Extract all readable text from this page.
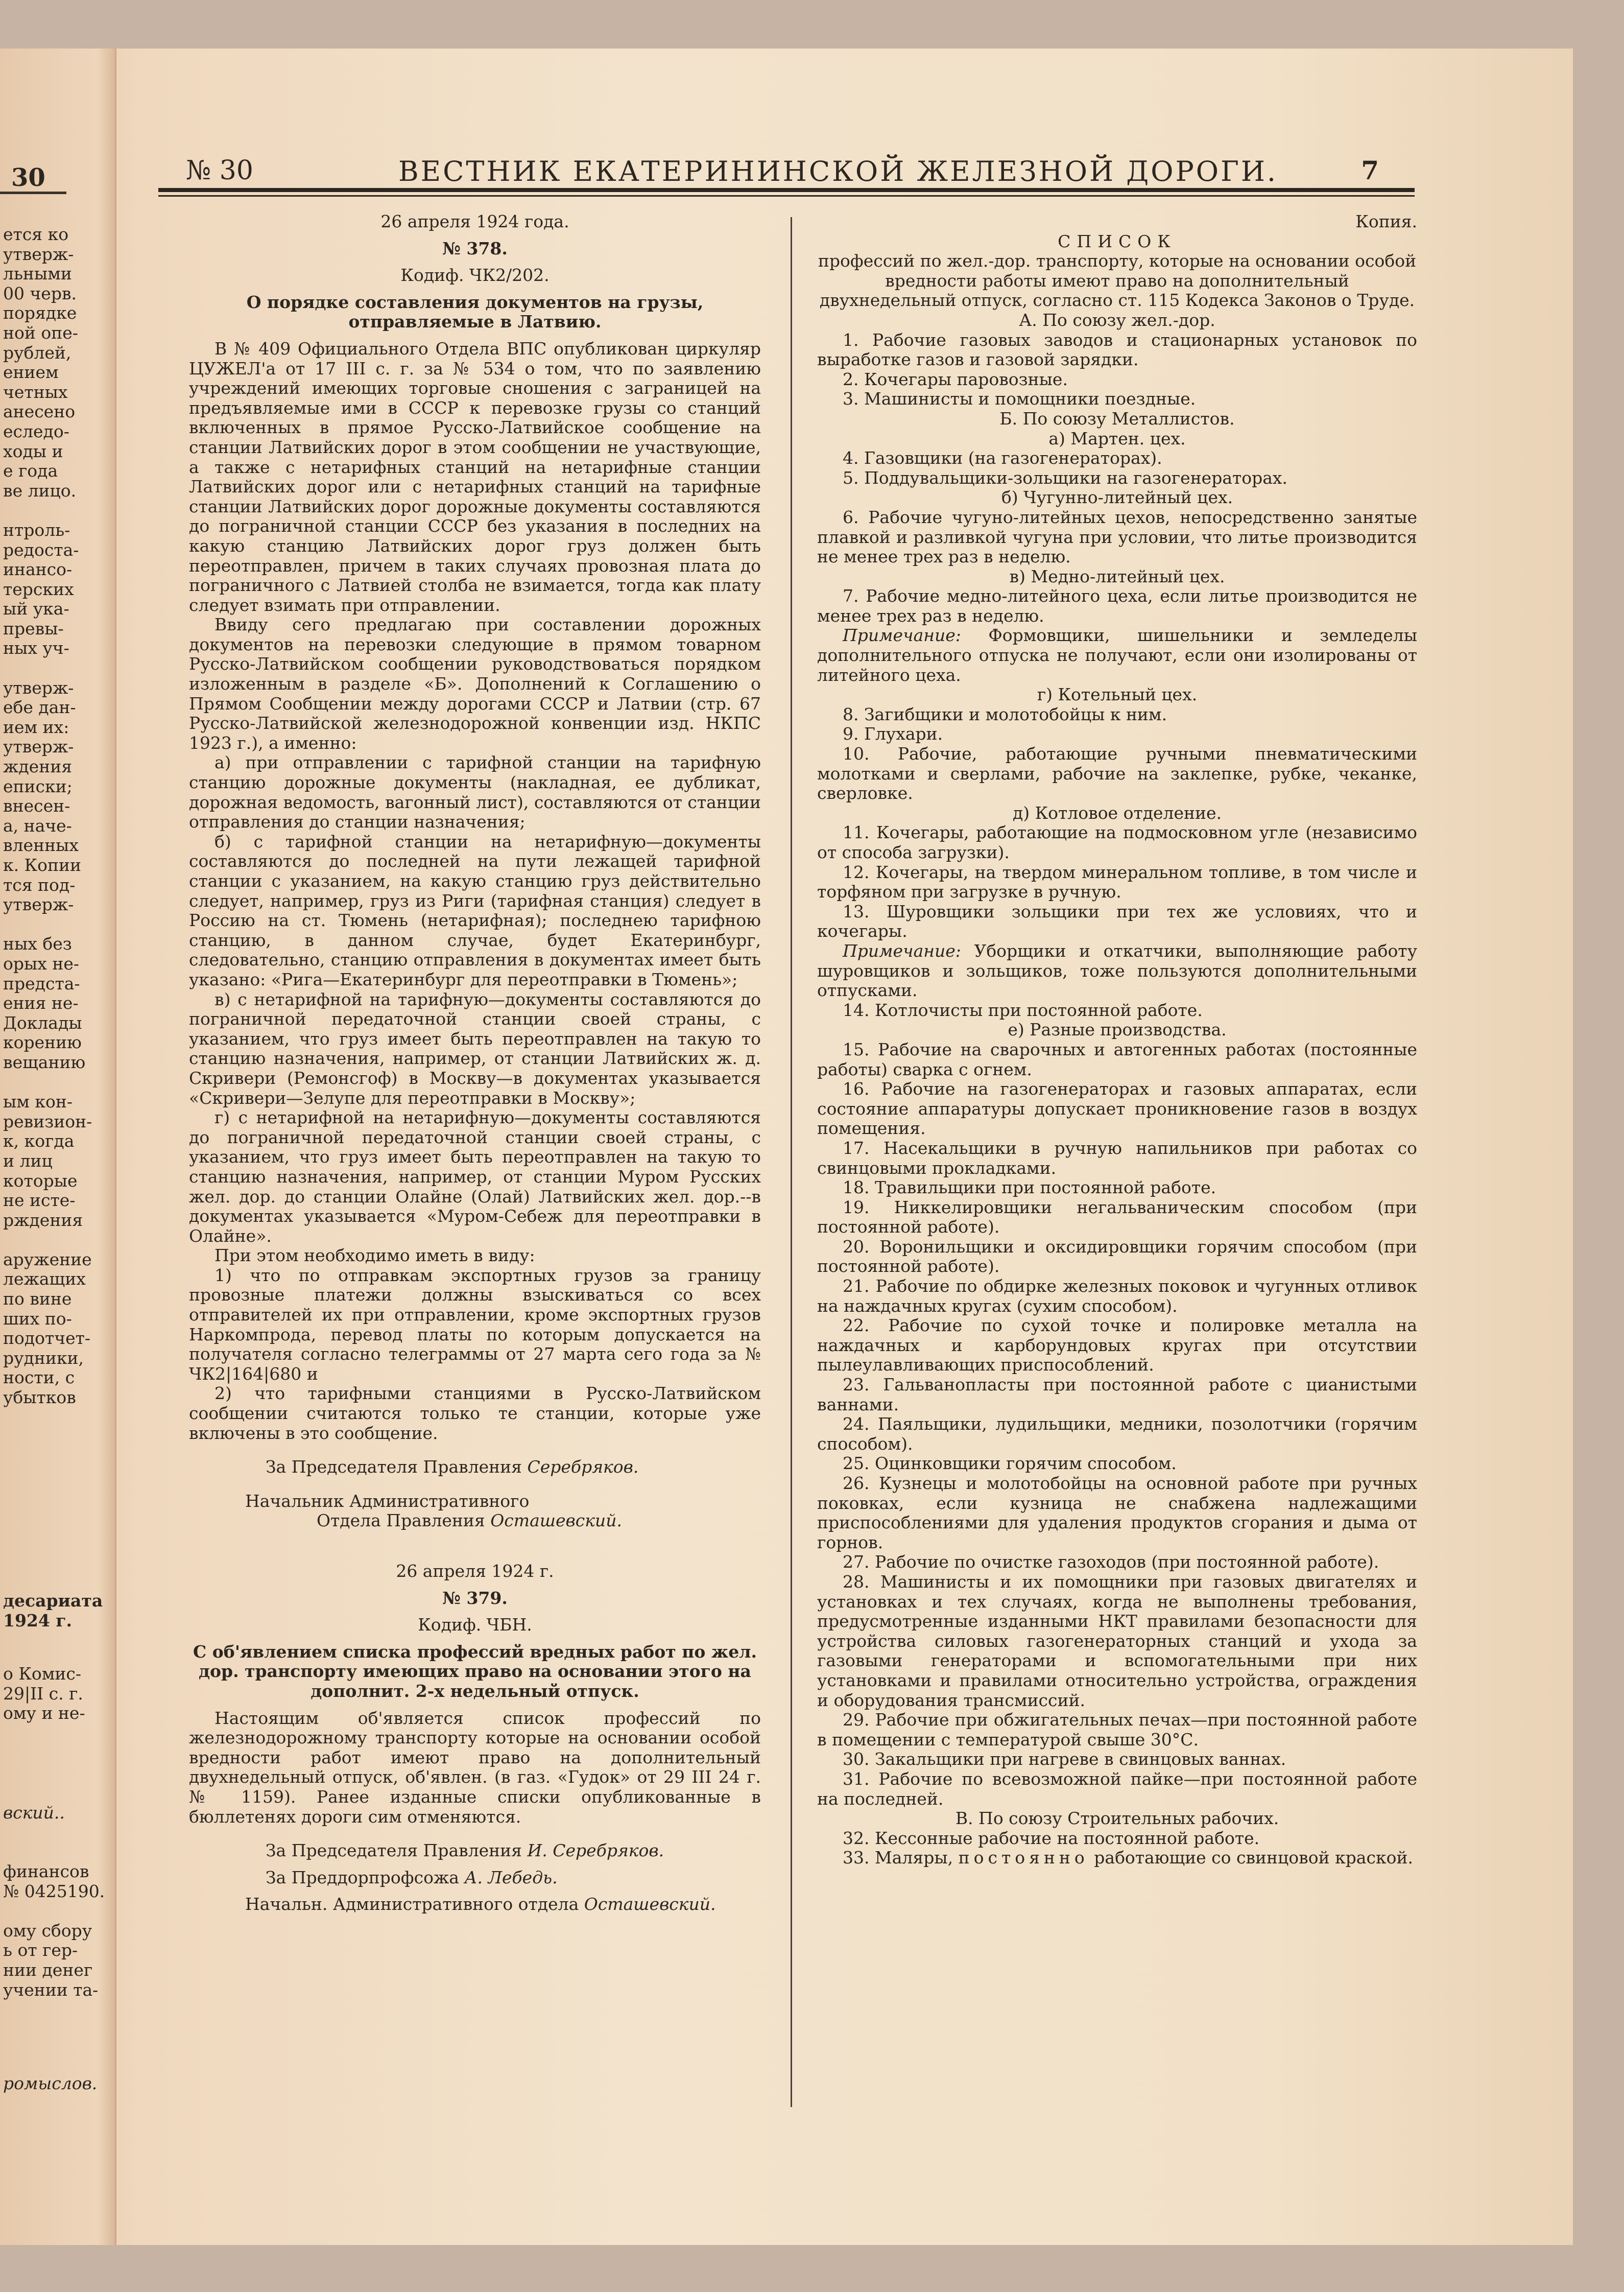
30
ется ко
утверж-
льными
00 черв.
порядке
ной опе-
рублей,
ением
четных
анесено
еследо-
ходы и
е года
ве лицо.

нтроль-
редоста-
инансо-
терских
ый ука-
превы-
ных уч-

утверж-
ебе дан-
ием их:
утверж-
ждения
еписки;
внесен-
а, наче-
вленных
к. Копии
тся под-
утверж-

ных без
орых не-
предста-
ения не-
Доклады
корению
вещанию

ым кон-
ревизион-
к, когда
и лиц
которые
не исте-
рждения

аружение
лежащих
по вине
ших по-
подотчет-
рудники,
ности, с
убытков
десариата
1924 г.
о Комис-
29|II с. г.
ому и не-
вский..
финансов
№ 0425190.

ому сбору
ь от гер-
нии денег
учении та-
ромыслов.
№ 30	ВЕСТНИК ЕКАТЕРИНИНСКОЙ ЖЕЛЕЗНОЙ ДОРОГИ.	7

26 апреля 1924 года.

№ 378.

Кодиф. ЧК2/202.

О порядке составления документов на грузы, отправляемые в Латвию.

В № 409 Официального Отдела ВПС опубликован циркуляр ЦУЖЕЛ'а от 17 III с. г. за № 534 о том, что по заявлению учреждений имеющих торговые сношения с заграницей на предъявляемые ими в СССР к перевозке грузы со станций включенных в прямое Русско-Латвийское сообщение на станции Латвийских дорог в этом сообщении не участвующие, а также с нетарифных станций на нетарифные станции Латвийских дорог или с нетарифных станций на тарифные станции Латвийских дорог дорожные документы составляются до пограничной станции СССР без указания в последних на какую станцию Латвийских дорог груз должен быть переотправлен, причем в таких случаях провозная плата до пограничного с Латвией столба не взимается, тогда как плату следует взимать при отправлении.

Ввиду сего предлагаю при составлении дорожных документов на перевозки следующие в прямом товарном Русско-Латвийском сообщении руководствоваться порядком изложенным в разделе «Б». Дополнений к Соглашению о Прямом Сообщении между дорогами СССР и Латвии (стр. 67 Русско-Латвийской железнодорожной конвенции изд. НКПС 1923 г.), а именно:

а) при отправлении с тарифной станции на тарифную станцию дорожные документы (накладная, ее дубликат, дорожная ведомость, вагонный лист), составляются от станции отправления до станции назначения;

б) с тарифной станции на нетарифную—документы составляются до последней на пути лежащей тарифной станции с указанием, на какую станцию груз действительно следует, например, груз из Риги (тарифная станция) следует в Россию на ст. Тюмень (нетарифная); последнею тарифною станцию, в данном случае, будет Екатеринбург, следовательно, станцию отправления в документах имеет быть указано: «Рига—Екатеринбург для переотправки в Тюмень»;

в) с нетарифной на тарифную—документы составляются до пограничной передаточной станции своей страны, с указанием, что груз имеет быть переотправлен на такую то станцию назначения, например, от станции Латвийских ж. д. Скривери (Ремонсгоф) в Москву—в документах указывается «Скривери—Зелупе для переотправки в Москву»;

г) с нетарифной на нетарифную—документы составляются до пограничной передаточной станции своей страны, с указанием, что груз имеет быть переотправлен на такую то станцию назначения, например, от станции Муром Русских жел. дор. до станции Олайне (Олай) Латвийских жел. дор.--в документах указывается «Муром-Себеж для переотправки в Олайне».

При этом необходимо иметь в виду:

1) что по отправкам экспортных грузов за границу провозные платежи должны взыскиваться со всех отправителей их при отправлении, кроме экспортных грузов Наркомпрода, перевод платы по которым допускается на получателя согласно телеграммы от 27 марта сего года за № ЧК2|164|680 и

2) что тарифными станциями в Русско-Латвийском сообщении считаются только те станции, которые уже включены в это сообщение.

За Председателя Правления Серебряков.

Начальник Административного

Отдела Правления Осташевский.

26 апреля 1924 г.

№ 379.

Кодиф. ЧБН.

С об'явлением списка профессий вредных работ по жел. дор. транспорту имеющих право на основании этого на дополнит. 2-х недельный отпуск.

Настоящим об'является список профессий по железнодорожному транспорту которые на основании особой вредности работ имеют право на дополнительный двухнедельный отпуск, об'явлен. (в газ. «Гудок» от 29 III 24 г. № 1159). Ранее изданные списки опубликованные в бюллетенях дороги сим отменяются.

За Председателя Правления И. Серебряков.

За Преддорпрофсожа А. Лебедь.

Начальн. Административного отдела Осташевский.

Копия.

СПИСОК

профессий по жел.-дор. транспорту, которые на основании особой вредности работы имеют право на дополнительный двухнедельный отпуск, согласно ст. 115 Кодекса Законов о Труде.

А. По союзу жел.-дор.

1. Рабочие газовых заводов и стационарных установок по выработке газов и газовой зарядки.

2. Кочегары паровозные.

3. Машинисты и помощники поездные.

Б. По союзу Металлистов.

а) Мартен. цех.

4. Газовщики (на газогенераторах).

5. Поддувальщики-зольщики на газогенераторах.

б) Чугунно-литейный цех.

6. Рабочие чугуно-литейных цехов, непосредственно занятые плавкой и разливкой чугуна при условии, что литье производится не менее трех раз в неделю.

в) Медно-литейный цех.

7. Рабочие медно-литейного цеха, если литье производится не менее трех раз в неделю.

Примечание: Формовщики, шишельники и земледелы дополнительного отпуска не получают, если они изолированы от литейного цеха.

г) Котельный цех.

8. Загибщики и молотобойцы к ним.

9. Глухари.

10. Рабочие, работающие ручными пневматическими молотками и сверлами, рабочие на заклепке, рубке, чеканке, сверловке.

д) Котловое отделение.

11. Кочегары, работающие на подмосковном угле (независимо от способа загрузки).

12. Кочегары, на твердом минеральном топливе, в том числе и торфяном при загрузке в ручную.

13. Шуровщики зольщики при тех же условиях, что и кочегары.

Примечание: Уборщики и откатчики, выполняющие работу шуровщиков и зольщиков, тоже пользуются дополнительными отпусками.

14. Котлочисты при постоянной работе.

е) Разные производства.

15. Рабочие на сварочных и автогенных работах (постоянные работы) сварка с огнем.

16. Рабочие на газогенераторах и газовых аппаратах, если состояние аппаратуры допускает проникновение газов в воздух помещения.

17. Насекальщики в ручную напильников при работах со свинцовыми прокладками.

18. Травильщики при постоянной работе.

19. Никкелировщики негальваническим способом (при постоянной работе).

20. Воронильщики и оксидировщики горячим способом (при постоянной работе).

21. Рабочие по обдирке железных поковок и чугунных отливок на наждачных кругах (сухим способом).

22. Рабочие по сухой точке и полировке металла на наждачных и карборундовых кругах при отсутствии пылеулавливающих приспособлений.

23. Гальванопласты при постоянной работе с цианистыми ваннами.

24. Паяльщики, лудильщики, медники, позолотчики (горячим способом).

25. Оцинковщики горячим способом.

26. Кузнецы и молотобойцы на основной работе при ручных поковках, если кузница не снабжена надлежащими приспособлениями для удаления продуктов сгорания и дыма от горнов.

27. Рабочие по очистке газоходов (при постоянной работе).

28. Машинисты и их помощники при газовых двигателях и установках и тех случаях, когда не выполнены требования, предусмотренные изданными НКТ правилами безопасности для устройства силовых газогенераторных станций и ухода за газовыми генераторами и вспомогательными при них установками и правилами относительно устройства, ограждения и оборудования трансмиссий.

29. Рабочие при обжигательных печах—при постоянной работе в помещении с температурой свыше 30°С.

30. Закальщики при нагреве в свинцовых ваннах.

31. Рабочие по всевозможной пайке—при постоянной работе на последней.

В. По союзу Строительных рабочих.

32. Кессонные рабочие на постоянной работе.

33. Маляры, постоянно работающие со свинцовой краской.
